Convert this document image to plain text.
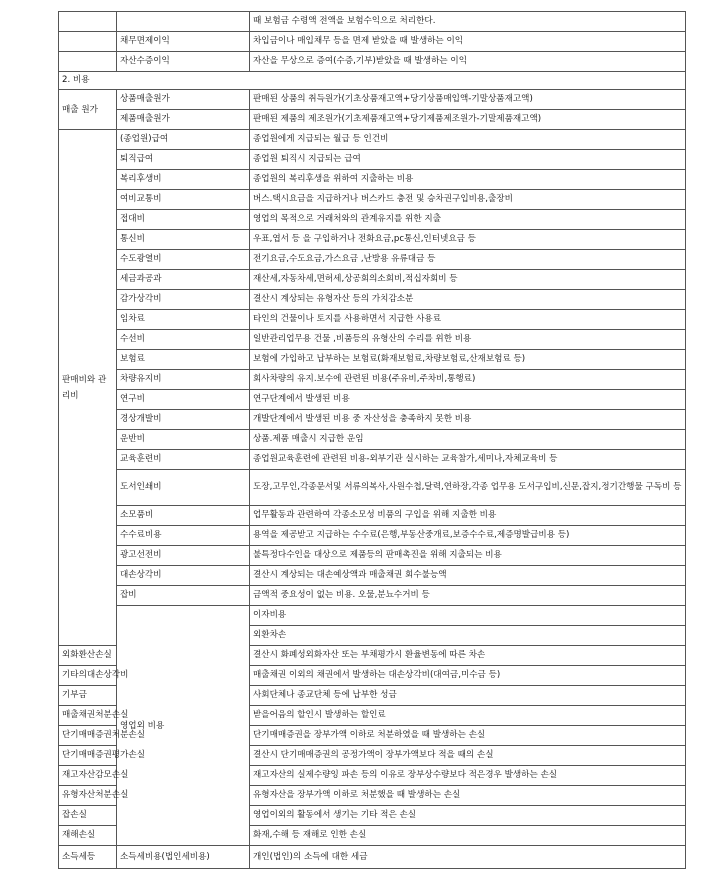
		때 보험금 수령액 전액을 보험수익으로 처리한다.	
	채무면제이익	차입금이나 매입채무 등을 면제 받았을 때 발생하는 이익	
	자산수증이익	자산을 무상으로 증여(수증,기부)받았을 때 발생하는 이익	
2. 비용			
매출 원가	상품매출원가	판매된 상품의 취득원가(기초상품재고액+당기상품매입액-기말상품재고액)	
	제품매출원가	판매된 제품의 제조원가(기초제품재고액+당기제품제조원가-기말제품재고액)	
판매비와 관리비	(종업원)급여	종업원에게 지급되는 월급 등 인건비	
	퇴직급여	종업원 퇴직시 지급되는 급여	
	복리후생비	종업원의 복리후생을 위하여 지출하는 비용	
	여비교통비	버스.택시요금을 지급하거나 버스카드 충전 및 승차권구입비용,출장비	
	접대비	영업의 목적으로 거래처와의 관계유지를 위한 지출	
	통신비	우표,엽서 등 을 구입하거나 전화요금,pc통신,인터넷요금 등	
	수도광열비	전기요금,수도요금,가스요금 ,난방용 유류대금 등	
	세금과공과	재산세,자동차세,면허세,상공회의소회비,적십자회비 등	
	감가상각비	결산시 계상되는 유형자산 등의 가치감소분	
	임차료	타인의 건물이나 토지를 사용하면서 지급한 사용료	
	수선비	일반관리업무용 건물 ,비품등의 유형산의 수리를 위한 비용	
	보험료	보험에 가입하고 납부하는 보험료(화재보험료,차량보험료,산재보험료 등)	
	차량유지비	회사차량의 유지.보수에 관련된 비용(주유비,주차비,통행료)	
	연구비	연구단계에서 발생된 비용	
	경상개발비	개발단계에서 발생된 비용 중 자산성을 충족하지 못한 비용	
	운반비	상품.제품 매출시 지급한 운임	
	교육훈련비	종업원교육훈련에 관련된 비용-외부기관 실시하는 교육참가,세미나,자체교육비 등	
	도서인쇄비	도장,고무인,각종문서및 서류의복사,사원수첩,달력,연하장,각종 업무용 도서구입비,신문,잡지,정기간행물 구독비 등	
	소모품비	업무활동과 관련하여 각종소모성 비품의 구입을 위해 지출한 비용	
	수수료비용	용역을 제공받고 지급하는 수수료(은행,부동산중개료,보증수수료,제증명발급비용 등)	
	광고선전비	불특정다수인을 대상으로 제품등의 판매촉진을 위해 지출되는 비용	
	대손상각비	결산시 계상되는 대손예상액과 매출채권 회수불능액	
	잡비	금액적 중요성이 없는 비용. 오물,분뇨수거비 등	
	영업외 비용	이자비용	
		외환차손	
외화환산손실		결산시 화폐성외화자산 또는 부채평가시 환율변동에 따른 차손	
기타의대손상각비		매출채권 이외의 채권에서 발생하는 대손상각비(대여금,미수금 등)	
기부금		사회단체나 종교단체 등에 납부한 성금	
매출채권처분손실		받을어음의 할인시 발생하는 할인료	
단기매매증권처분손실		단기매매증권을 장부가액 이하로 처분하였을 때 발생하는 손실	
단기매매증권평가손실		결산시 단기매매증권의 공정가액이 장부가액보다 적을 때의 손실	
재고자산감모손실		재고자산의 실제수량잉 파손 등의 이유로 장부상수량보다 적은경우 발생하는 손실	
유형자산처분손실		유형자산을 장부가액 이하로 처분했을 때 발생하는 손실	
잡손실		영업이외의 활동에서 생기는 기타 적은 손실	
재해손실		화재,수해 등 재해로 인한 손실	
소득세등	소득세비용(법인세비용)	개인(법인)의 소득에 대한 세금	
